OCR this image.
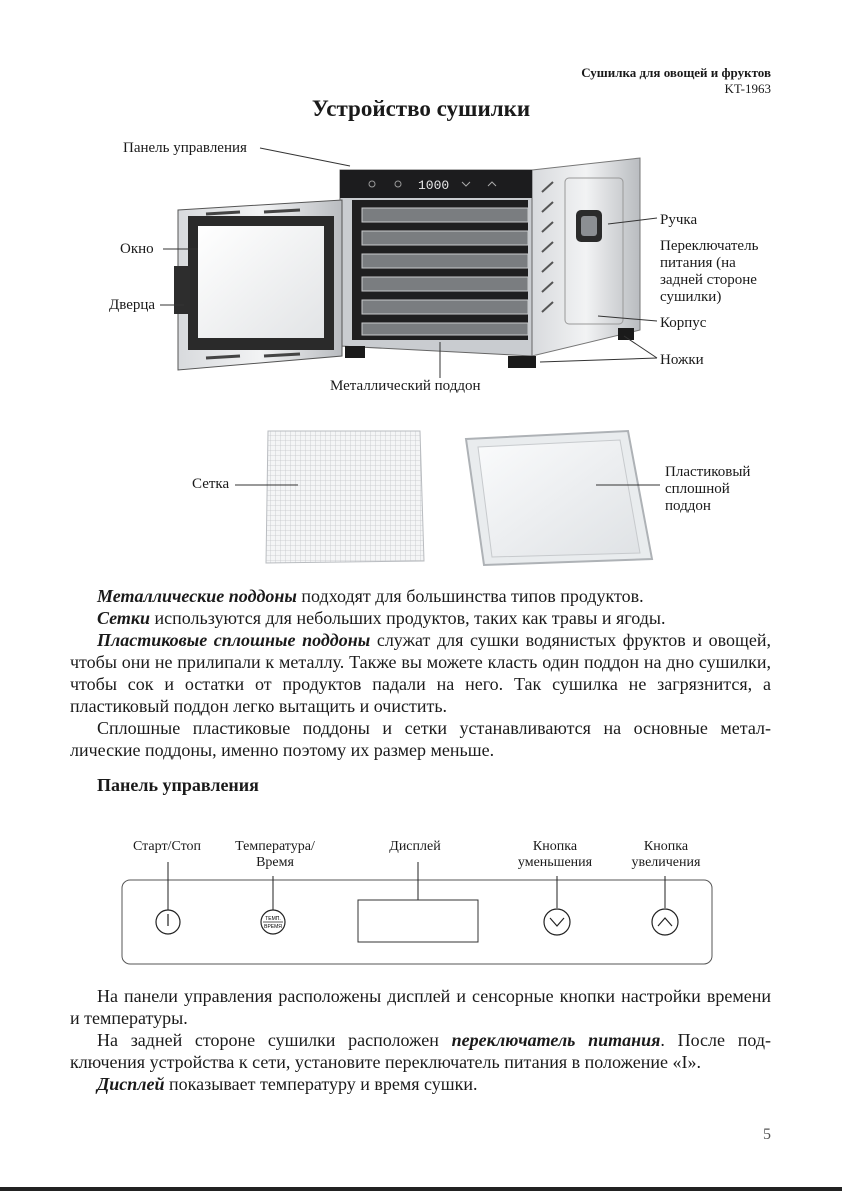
Сушилка для овощей и фруктов
KT-1963
Устройство сушилки
1000
Панель управления
Окно
Дверца
Ручка
Переключатель
питания (на
задней стороне
сушилки)
Корпус
Ножки
Металлический поддон
Сетка
Пластиковый
сплошной
поддон

Металлические поддоны подходят для большинства типов продуктов.

Сетки используются для небольших продуктов, таких как травы и ягоды.

Пластиковые сплошные поддоны служат для сушки водянистых фруктов и овощей, чтобы они не прилипали к металлу. Также вы можете класть один поддон на дно сушилки, чтобы сок и остатки от продуктов падали на него. Так сушилка не загрязнится, а пластиковый поддон легко вытащить и очистить.

Сплошные пластиковые поддоны и сетки устанавливаются на основные металлические поддоны, именно поэтому их размер меньше.

Панель управления
Старт/Стоп	Температура/
Время
Дисплей	Кнопка
уменьшения
Кнопка
увеличения
ТЕМП.
ВРЕМЯ

На панели управления расположены дисплей и сенсорные кнопки настройки времени и температуры.

На задней стороне сушилки расположен переключатель питания. После подключения устройства к сети, установите переключатель питания в положение «I».

Дисплей показывает температуру и время сушки.

5
